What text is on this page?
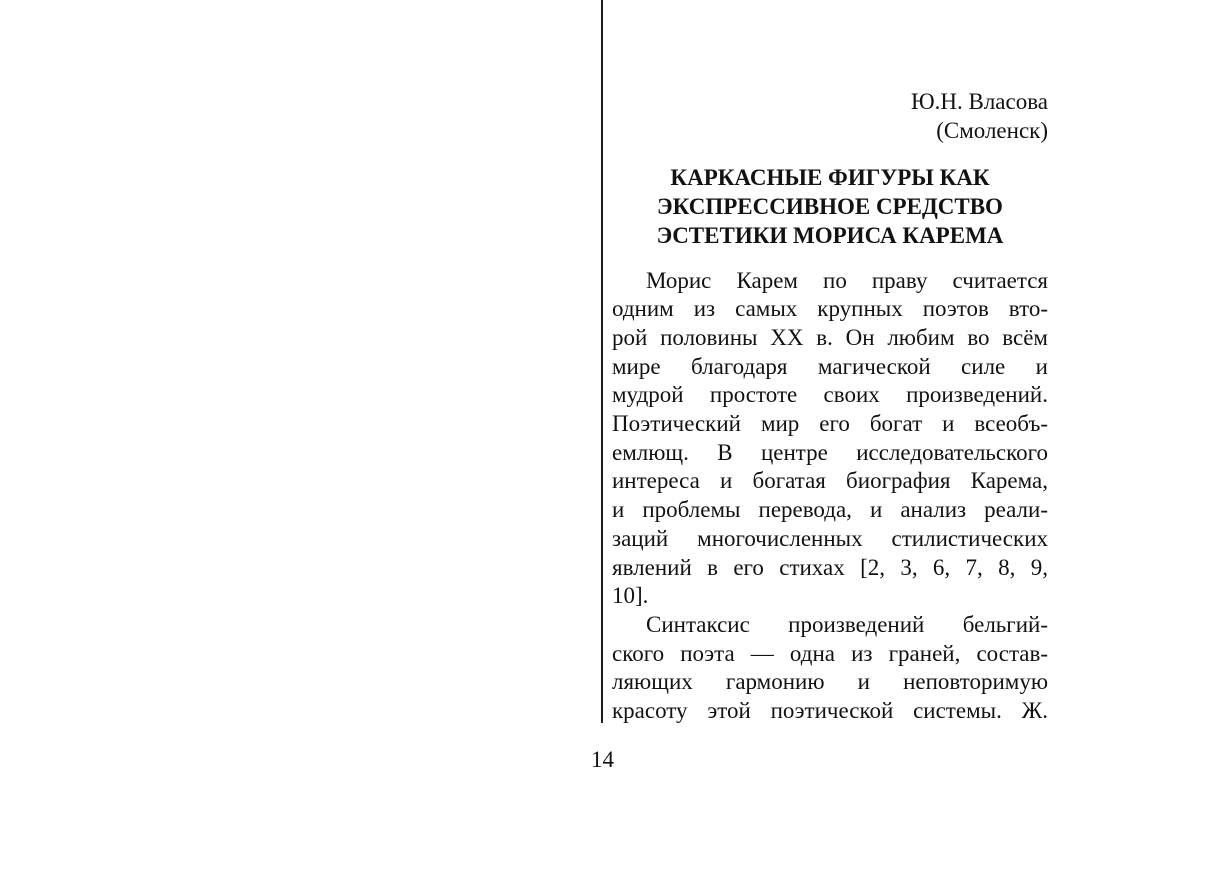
Ю.Н. Власова
(Смоленск)
КАРКАСНЫЕ ФИГУРЫ КАК
ЭКСПРЕССИВНОЕ СРЕДСТВО
ЭСТЕТИКИ МОРИСА КАРЕМА
Морис Карем по праву считается
одним из самых крупных поэтов вто-
рой половины ХХ в. Он любим во всём
мире благодаря магической силе и
мудрой простоте своих произведений.
Поэтический мир его богат и всеобъ-
емлющ. В центре исследовательского
интереса и богатая биография Карема,
и проблемы перевода, и анализ реали-
заций многочисленных стилистических
явлений в его стихах [2, 3, 6, 7, 8, 9,
10].
Синтаксис произведений бельгий-
ского поэта — одна из граней, состав-
ляющих гармонию и неповторимую
красоту этой поэтической системы. Ж.
14
